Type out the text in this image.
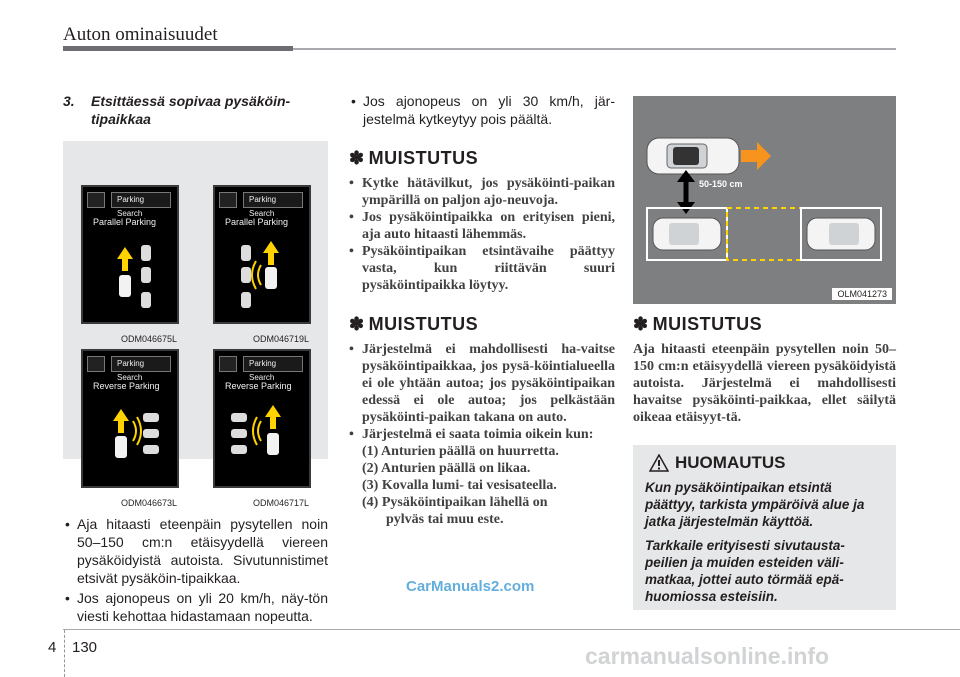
Auton ominaisuudet
3.	Etsittäessä sopivaa pysäköin-tipaikkaa
Parking Search
Parallel Parking
Parking Search
Parallel Parking
Parking Search
Reverse Parking
Parking Search
Reverse Parking
ODM046675L	ODM046719L
ODM046673L	ODM046717L
• Aja hitaasti eteenpäin pysytellen noin 50–150 cm:n etäisyydellä viereen pysäköidyistä autoista. Sivutunnistimet etsivät pysäköin-tipaikkaa.
• Jos ajonopeus on yli 20 km/h, näy-tön viesti kehottaa hidastamaan nopeutta.
• Jos ajonopeus on yli 30 km/h, jär-jestelmä kytkeytyy pois päältä.
✽ MUISTUTUS
• Kytke hätävilkut, jos pysäköinti-paikan ympärillä on paljon ajo-neuvoja.
• Jos pysäköintipaikka on erityisen pieni, aja auto hitaasti lähemmäs.
• Pysäköintipaikan etsintävaihe päättyy vasta, kun riittävän suuri pysäköintipaikka löytyy.
✽ MUISTUTUS
• Järjestelmä ei mahdollisesti ha-vaitse pysäköintipaikkaa, jos pysä-köintialueella ei ole yhtään autoa; jos pysäköintipaikan edessä ei ole autoa; jos pelkästään pysäköinti-paikan takana on auto.
• Järjestelmä ei saata toimia oikein kun:
(1) Anturien päällä on huurretta.
(2) Anturien päällä on likaa.
(3) Kovalla lumi- tai vesisateella.
(4) Pysäköintipaikan lähellä on
pylväs tai muu este.
50-150 cm
OLM041273
✽ MUISTUTUS
Aja hitaasti eteenpäin pysytellen noin 50–150 cm:n etäisyydellä viereen pysäköidyistä autoista. Järjestelmä ei mahdollisesti havaitse pysäköinti-paikkaa, ellet säilytä oikeaa etäisyyt-tä.
HUOMAUTUS

Kun pysäköintipaikan etsintä päättyy, tarkista ympäröivä alue ja jatka järjestelmän käyttöä.

Tarkkaile erityisesti sivutausta-peilien ja muiden esteiden väli-matkaa, jottei auto törmää epä-huomiossa esteisiin.

CarManuals2.com
carmanualsonline.info
4 130
